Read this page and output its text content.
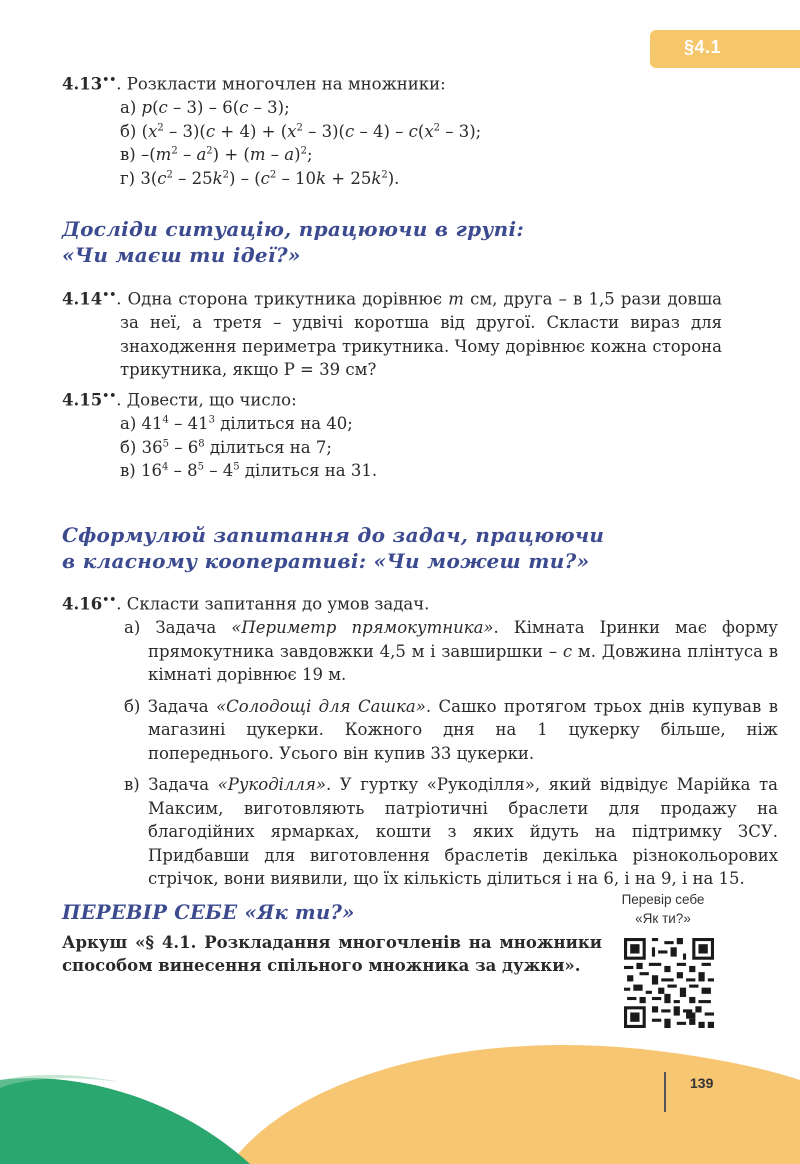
§4.1
4.13••. Розкласти многочлен на множники:
а) p(c – 3) – 6(c – 3);
б) $(x^2 - 3)(c + 4) + (x^2 - 3)(c - 4) - c(x^2 - 3)$;
в) $-(m^2 - a^2) + (m - a)^2$;
г) $3(c^2 - 25k^2) - (c^2 - 10k + 25k^2)$.
Досліди ситуацію, працюючи в групі:
«Чи маєш ти ідеї?»
4.14••. Одна сторона трикутника дорівнює m см, друга – в 1,5 рази довша за неї, а третя – удвічі коротша від другої. Скласти вираз для знаходження периметра трикутника. Чому дорівнює кожна сторона трикутника, якщо P = 39 см?
4.15••. Довести, що число:
а) $41^4 - 41^3$ ділиться на 40;
б) $36^5 - 6^8$ ділиться на 7;
в) $16^4 - 8^5 - 4^5$ ділиться на 31.
Сформулюй запитання до задач, працюючи
в класному кооперативі: «Чи можеш ти?»
4.16••. Скласти запитання до умов задач.
а) Задача «Периметр прямокутника». Кімната Іринки має форму прямокутника завдовжки 4,5 м і завширшки – c м. Довжина плінтуса в кімнаті дорівнює 19 м.
б) Задача «Солодощі для Сашка». Сашко протягом трьох днів купував в магазині цукерки. Кожного дня на 1 цукерку більше, ніж попереднього. Усього він купив 33 цукерки.
в) Задача «Рукоділля». У гуртку «Рукоділля», який відвідує Марійка та Максим, виготовляють патріотичні браслети для продажу на благодійних ярмарках, кошти з яких йдуть на підтримку ЗСУ. Придбавши для виготовлення браслетів декілька різнокольорових стрічок, вони виявили, що їх кількість ділиться і на 6, і на 9, і на 15.
ПЕРЕВІР СЕБЕ «Як ти?»
Аркуш «§ 4.1. Розкладання многочленів на множники способом винесення спільного множника за дужки».
Перевір себе
«Як ти?»
139
